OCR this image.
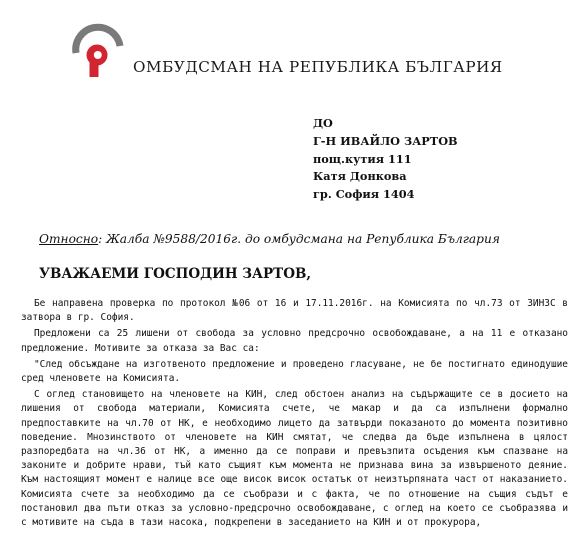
ОМБУДСМАН НА РЕПУБЛИКА БЪЛГАРИЯ
ДО
Г-Н ИВАЙЛО ЗАРТОВ
пощ.кутия 111
Катя Донкова
гр. София 1404

Относно: Жалба №9588/2016г. до омбудсмана на Република България

УВАЖАЕМИ ГОСПОДИН ЗАРТОВ,

Бе направена проверка по протокол №06 от 16 и 17.11.2016г. на Комисията по чл.73 от ЗИНЗС в затвора в гр. София.

Предложени са 25 лишени от свобода за условно предсрочно освобождаване, а на 11 е отказано предложение. Мотивите за отказа за Вас са:

"След обсъждане на изготвеното предложение и проведено гласуване, не бе постигнато единодушие сред членовете на Комисията.

С оглед становището на членовете на КИН, след обстоен анализ на съдържащите се в досието на лишения от свобода материали, Комисията счете, че макар и да са изпълнени формално предпоставките на чл.70 от НК, е необходимо лицето да затвърди показаното до момента позитивно поведение. Мнозинството от членовете на КИН смятат, че следва да бъде изпълнена в цялост разпоредбата на чл.36 от НК, а именно да се поправи и превъзпита осъдения към спазване на законите и добрите нрави, тъй като същият към момента не признава вина за извършеното деяние. Към настоящият момент е налице все още висок висок остатък от неизтърпяната част от наказанието. Комисията счете за необходимо да се съобрази и с факта, че по отношение на същия съдът е постановил два пъти отказ за условно-предсрочно освобождаване, с оглед на което се съобразява и с мотивите на съда в тази насока, подкрепени в заседанието на КИН и от прокурора,
